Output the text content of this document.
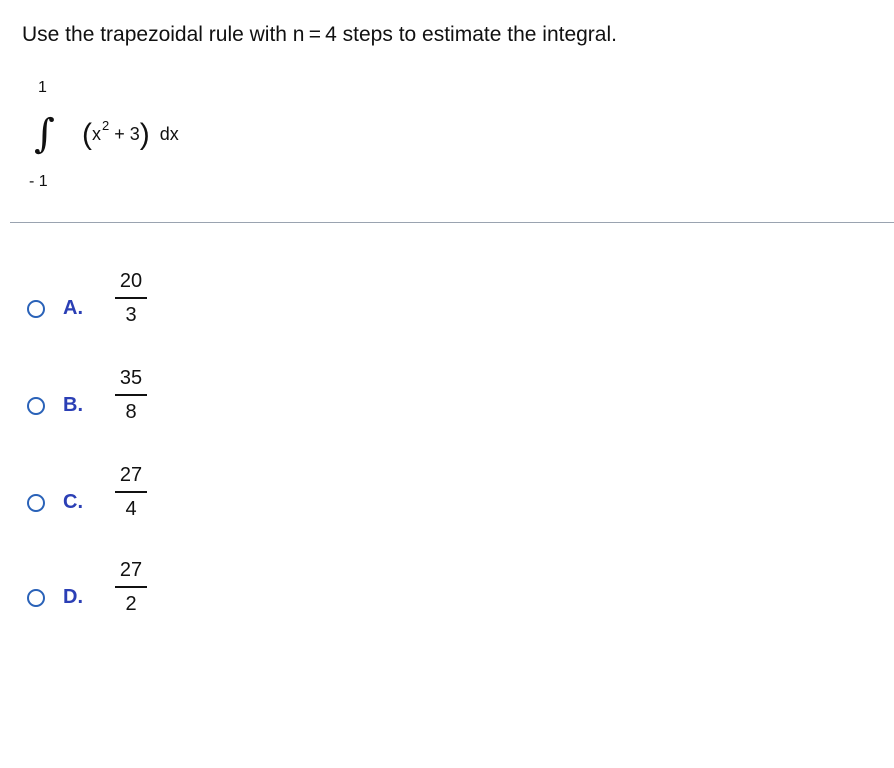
Use the trapezoidal rule with n = 4 steps to estimate the integral.
1
∫ $(x^2 + 3)$ dx
- 1
A.
20
3
B.
35
8
C.
27
4
D.
27
2
